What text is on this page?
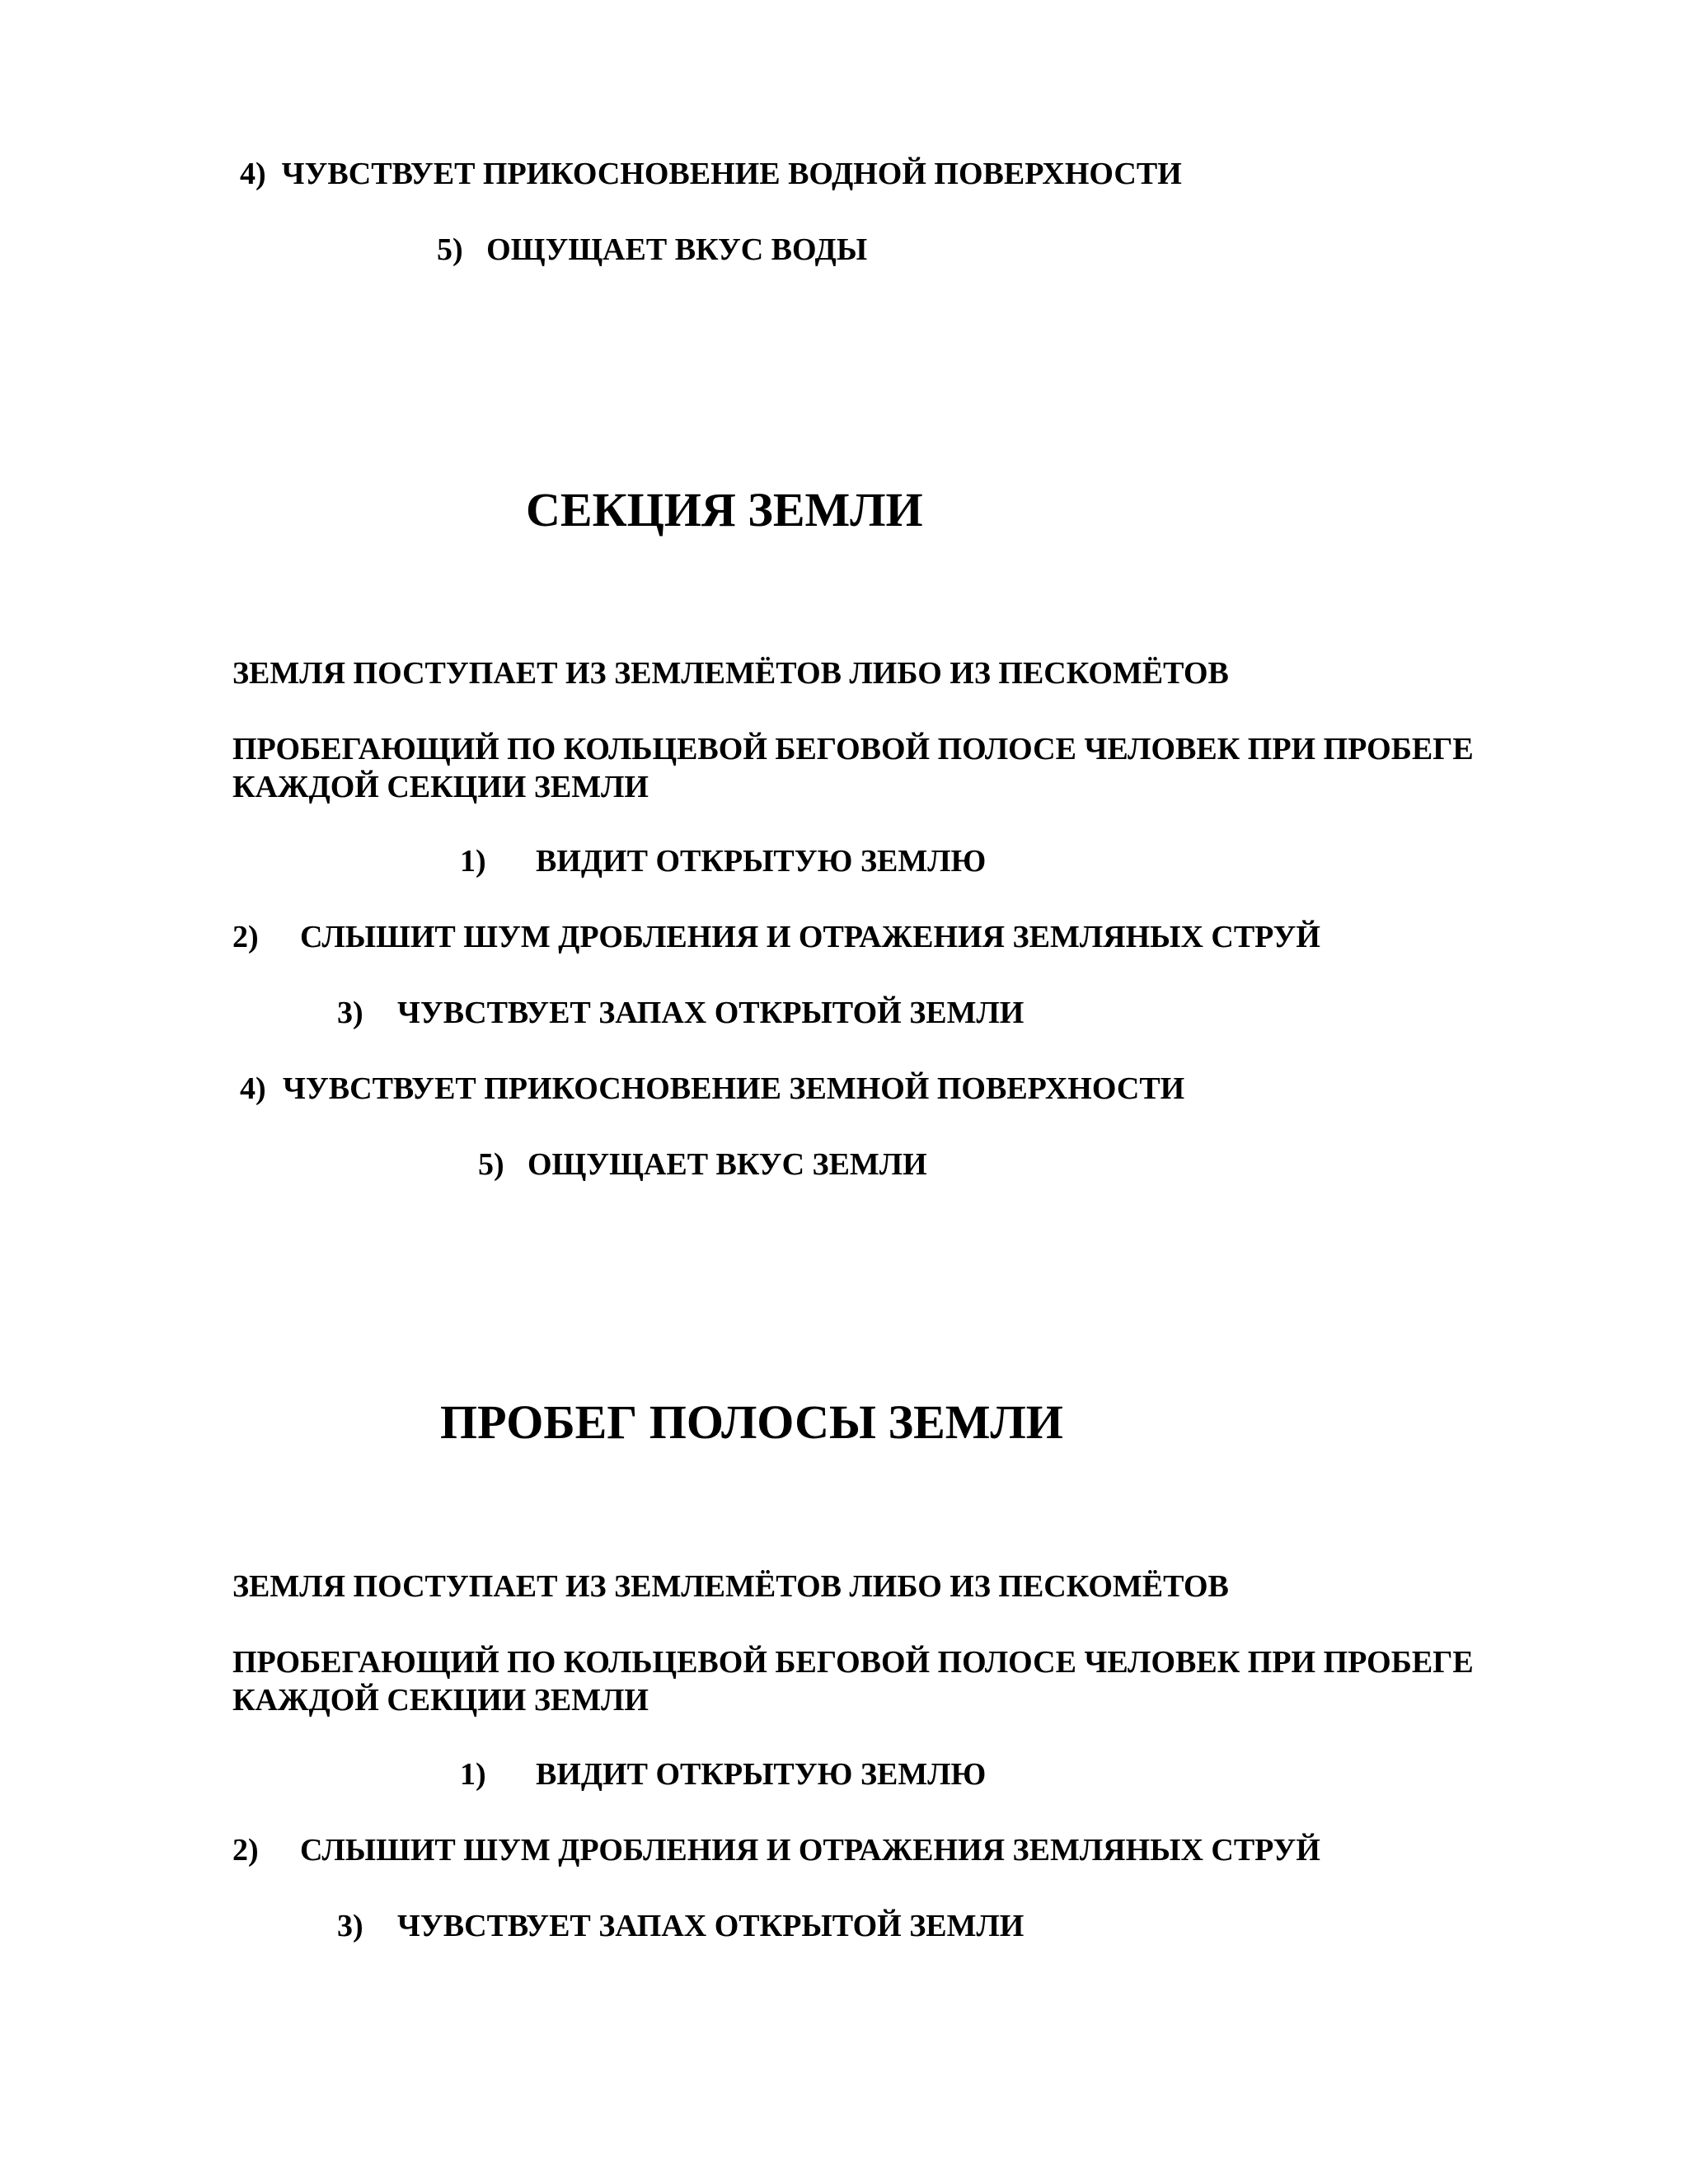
4) ЧУВСТВУЕТ ПРИКОСНОВЕНИЕ ВОДНОЙ ПОВЕРХНОСТИ
5) ОЩУЩАЕТ ВКУС ВОДЫ
СЕКЦИЯ ЗЕМЛИ
ЗЕМЛЯ ПОСТУПАЕТ ИЗ ЗЕМЛЕМЁТОВ ЛИБО ИЗ ПЕСКОМЁТОВ
ПРОБЕГАЮЩИЙ ПО КОЛЬЦЕВОЙ БЕГОВОЙ ПОЛОСЕ ЧЕЛОВЕК ПРИ ПРОБЕГЕ
КАЖДОЙ СЕКЦИИ ЗЕМЛИ
1) ВИДИТ ОТКРЫТУЮ ЗЕМЛЮ
2) СЛЫШИТ ШУМ ДРОБЛЕНИЯ И ОТРАЖЕНИЯ ЗЕМЛЯНЫХ СТРУЙ
3) ЧУВСТВУЕТ ЗАПАХ ОТКРЫТОЙ ЗЕМЛИ
4) ЧУВСТВУЕТ ПРИКОСНОВЕНИЕ ЗЕМНОЙ ПОВЕРХНОСТИ
5) ОЩУЩАЕТ ВКУС ЗЕМЛИ
ПРОБЕГ ПОЛОСЫ ЗЕМЛИ
ЗЕМЛЯ ПОСТУПАЕТ ИЗ ЗЕМЛЕМЁТОВ ЛИБО ИЗ ПЕСКОМЁТОВ
ПРОБЕГАЮЩИЙ ПО КОЛЬЦЕВОЙ БЕГОВОЙ ПОЛОСЕ ЧЕЛОВЕК ПРИ ПРОБЕГЕ
КАЖДОЙ СЕКЦИИ ЗЕМЛИ
1) ВИДИТ ОТКРЫТУЮ ЗЕМЛЮ
2) СЛЫШИТ ШУМ ДРОБЛЕНИЯ И ОТРАЖЕНИЯ ЗЕМЛЯНЫХ СТРУЙ
3) ЧУВСТВУЕТ ЗАПАХ ОТКРЫТОЙ ЗЕМЛИ
